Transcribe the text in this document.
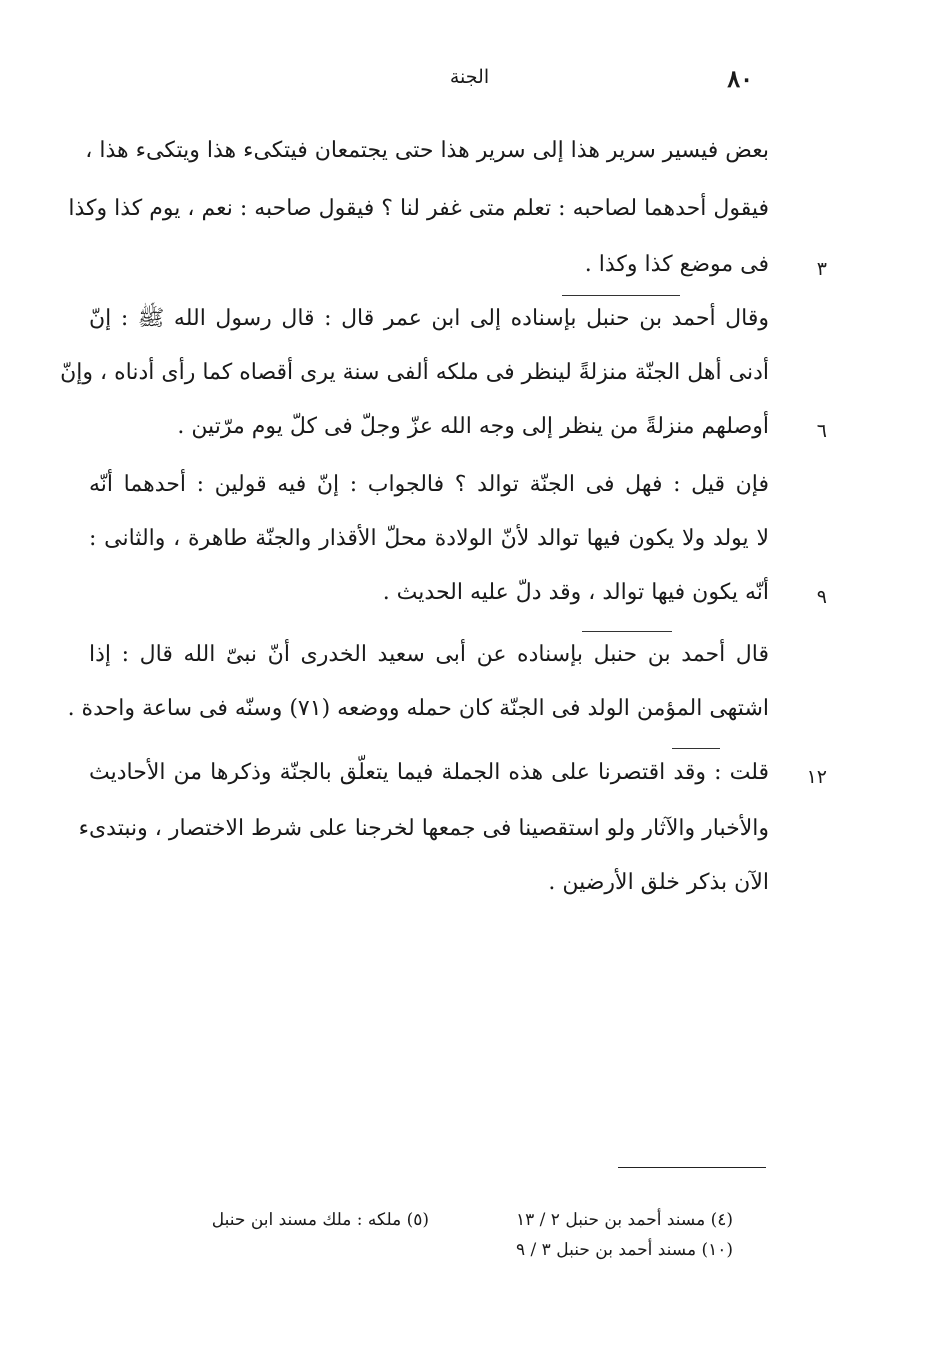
٨٠
الجنة
بعض فيسير سرير هذا إلى سرير هذا حتى يجتمعان فيتكىء هذا ويتكىء هذا ،
فيقول أحدهما لصاحبه : تعلم متى غفر لنا ؟ فيقول صاحبه : نعم ، يوم كذا وكذا
فى موضع كذا وكذا .	٣
وقال أحمد بن حنبل بإسناده إلى ابن عمر قال : قال رسول الله ﷺ : إنّ
أدنى أهل الجنّة منزلةً لينظر فى ملكه ألفى سنة يرى أقصاه كما رأى أدناه ، وإنّ
أوصلهم منزلةً من ينظر إلى وجه الله عزّ وجلّ فى كلّ يوم مرّتين .	٦
فإن قيل : فهل فى الجنّة توالد ؟ فالجواب : إنّ فيه قولين : أحدهما أنّه
لا يولد ولا يكون فيها توالد لأنّ الولادة محلّ الأقذار والجنّة طاهرة ، والثانى :
أنّه يكون فيها توالد ، وقد دلّ عليه الحديث .	٩
قال أحمد بن حنبل بإسناده عن أبى سعيد الخدرى أنّ نبىّ الله قال : إذا
اشتهى المؤمن الولد فى الجنّة كان حمله ووضعه (٧١) وسنّه فى ساعة واحدة .
قلت : وقد اقتصرنا على هذه الجملة فيما يتعلّق بالجنّة وذكرها من الأحاديث	١٢
والأخبار والآثار ولو استقصينا فى جمعها لخرجنا على شرط الاختصار ، ونبتدىء
الآن بذكر خلق الأرضين .
(٤) مسند أحمد بن حنبل ٢ / ١٣
(٥) ملكه : ملك مسند ابن حنبل
(١٠) مسند أحمد بن حنبل ٣ / ٩
